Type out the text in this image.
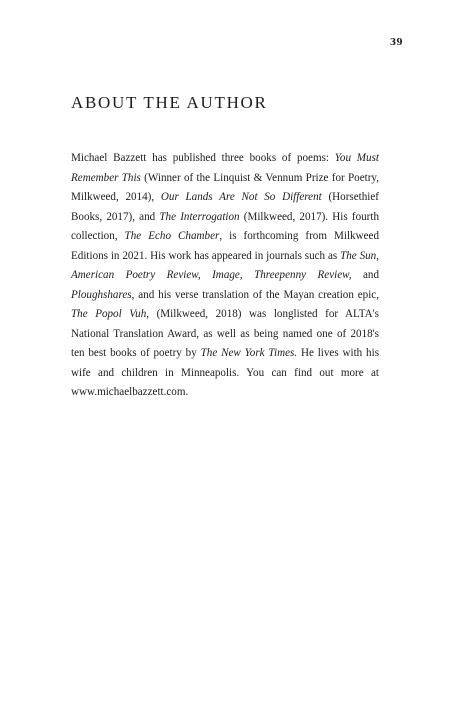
39
ABOUT THE AUTHOR

Michael Bazzett has published three books of poems: You Must Remember This (Winner of the Linquist & Vennum Prize for Poetry, Milkweed, 2014), Our Lands Are Not So Different (Horsethief Books, 2017), and The Interrogation (Milkweed, 2017). His fourth collection, The Echo Chamber, is forthcoming from Milkweed Editions in 2021. His work has appeared in journals such as The Sun, American Poetry Review, Image, Threepenny Review, and Ploughshares, and his verse translation of the Mayan creation epic, The Popol Vuh, (Milkweed, 2018) was longlisted for ALTA's National Translation Award, as well as being named one of 2018's ten best books of poetry by The New York Times. He lives with his wife and children in Minneapolis. You can find out more at www.michaelbazzett.com.
